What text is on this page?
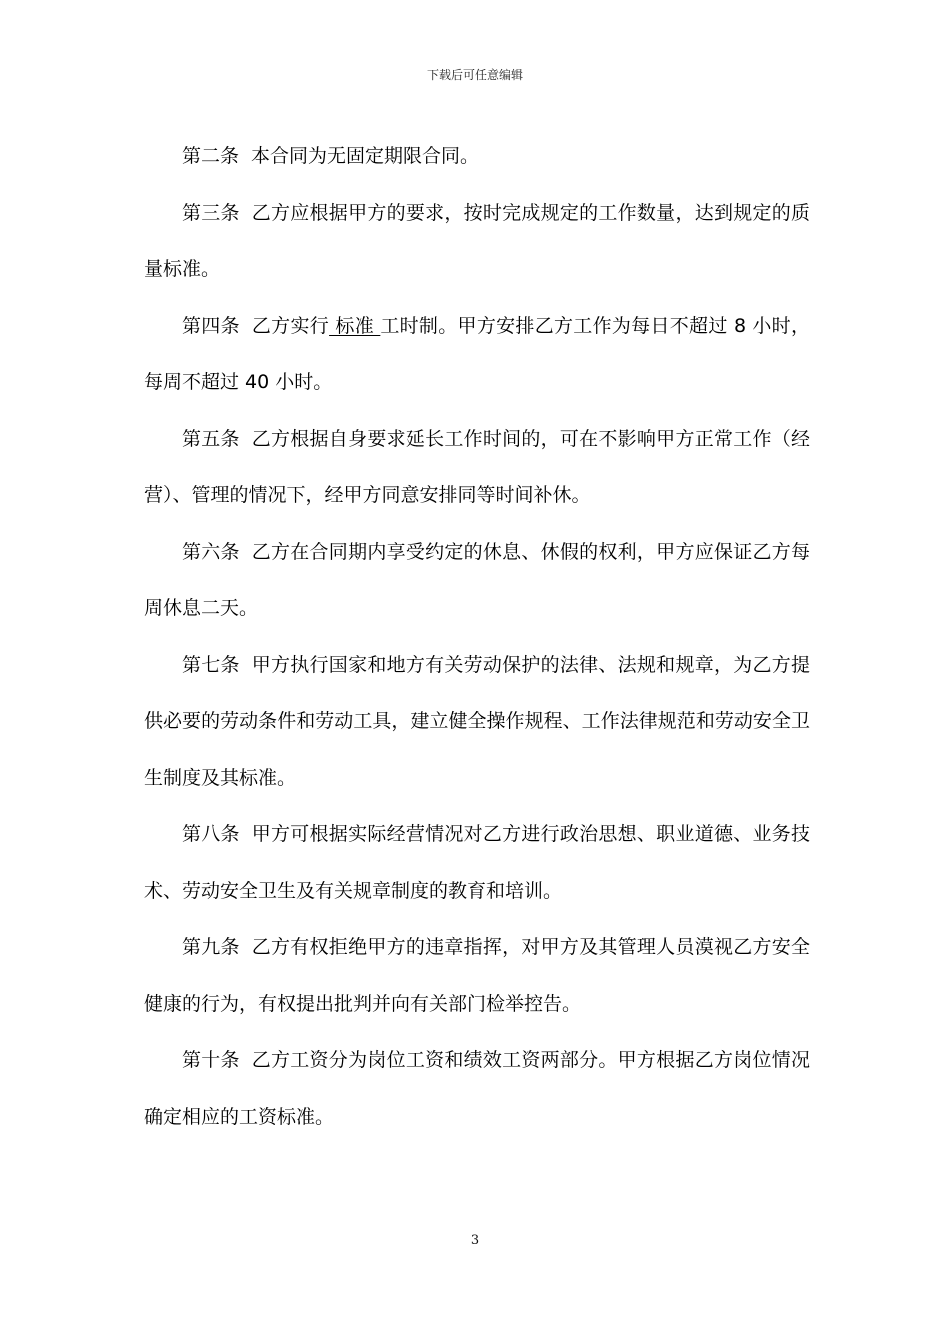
下载后可任意编辑

第二条 本合同为无固定期限合同。

第三条 乙方应根据甲方的要求，按时完成规定的工作数量，达到规定的质量标准。

第四条 乙方实行 标准 工时制。甲方安排乙方工作为每日不超过 8 小时，每周不超过 40 小时。

第五条 乙方根据自身要求延长工作时间的，可在不影响甲方正常工作（经营）、管理的情况下，经甲方同意安排同等时间补休。

第六条 乙方在合同期内享受约定的休息、休假的权利，甲方应保证乙方每周休息二天。

第七条 甲方执行国家和地方有关劳动保护的法律、法规和规章，为乙方提供必要的劳动条件和劳动工具，建立健全操作规程、工作法律规范和劳动安全卫生制度及其标准。

第八条 甲方可根据实际经营情况对乙方进行政治思想、职业道德、业务技术、劳动安全卫生及有关规章制度的教育和培训。

第九条 乙方有权拒绝甲方的违章指挥，对甲方及其管理人员漠视乙方安全健康的行为，有权提出批判并向有关部门检举控告。

第十条 乙方工资分为岗位工资和绩效工资两部分。甲方根据乙方岗位情况确定相应的工资标准。

3
